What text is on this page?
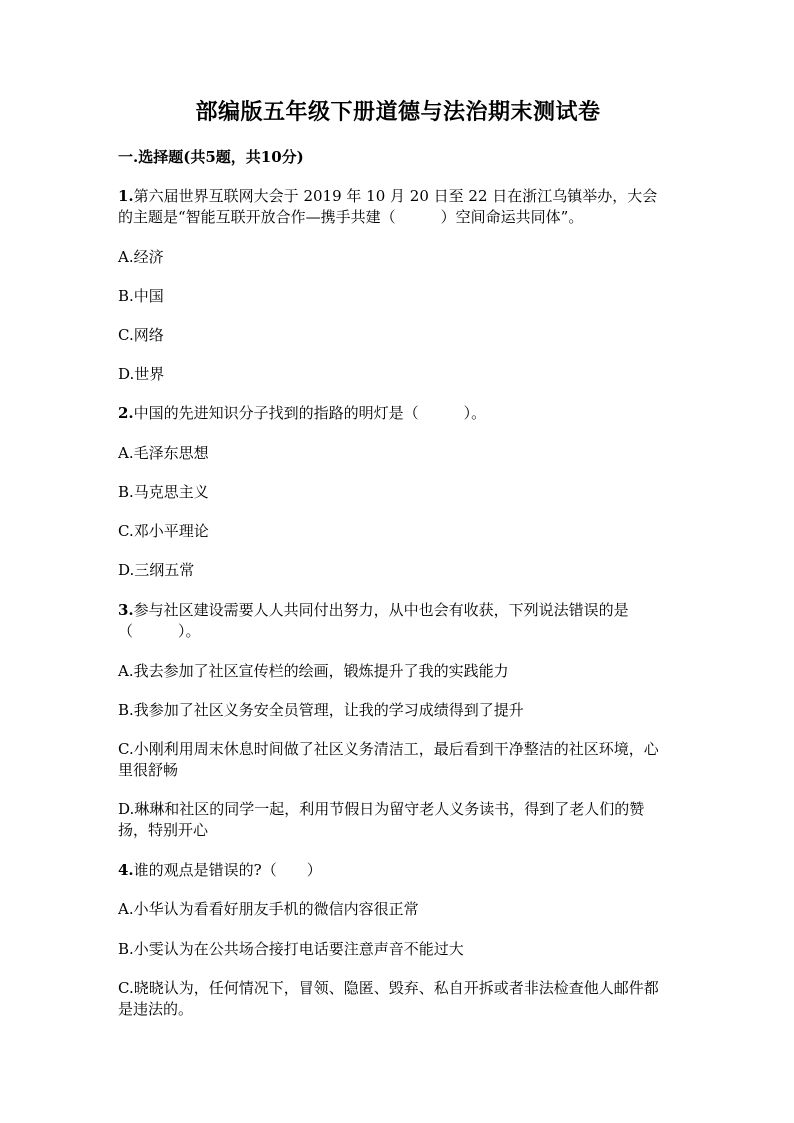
部编版五年级下册道德与法治期末测试卷
一.选择题(共5题，共10分)
1.第六届世界互联网大会于 2019 年 10 月 20 日至 22 日在浙江乌镇举办，大会的主题是“智能互联开放合作—携手共建（　　　）空间命运共同体”。
A.经济
B.中国
C.网络
D.世界
2.中国的先进知识分子找到的指路的明灯是（　　　）。
A.毛泽东思想
B.马克思主义
C.邓小平理论
D.三纲五常
3.参与社区建设需要人人共同付出努力，从中也会有收获，下列说法错误的是（　　　）。
A.我去参加了社区宣传栏的绘画，锻炼提升了我的实践能力
B.我参加了社区义务安全员管理，让我的学习成绩得到了提升
C.小刚利用周末休息时间做了社区义务清洁工，最后看到干净整洁的社区环境，心里很舒畅
D.琳琳和社区的同学一起，利用节假日为留守老人义务读书，得到了老人们的赞扬，特别开心
4.谁的观点是错误的?（　　）
A.小华认为看看好朋友手机的微信内容很正常
B.小雯认为在公共场合接打电话要注意声音不能过大
C.晓晓认为，任何情况下，冒领、隐匿、毁弃、私自开拆或者非法检查他人邮件都是违法的。
